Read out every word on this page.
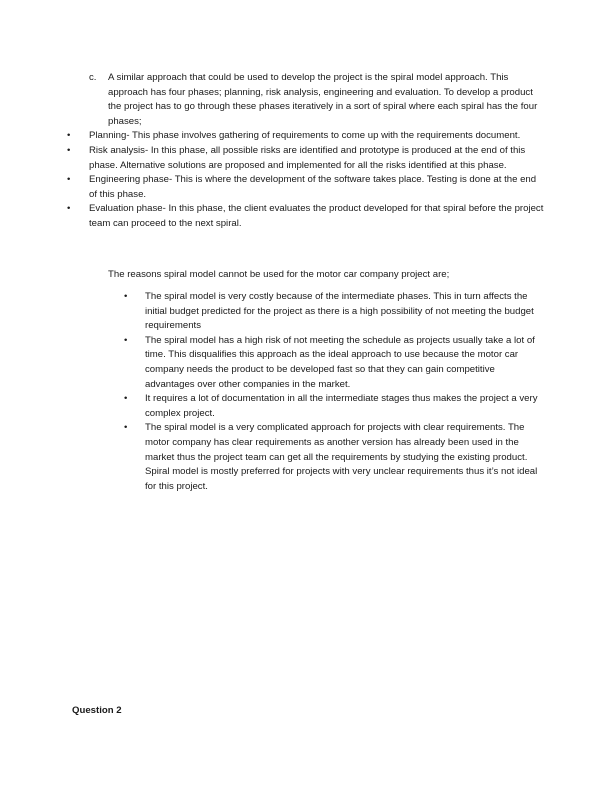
c.	A similar approach that could be used to develop the project is the spiral model approach. This approach has four phases; planning, risk analysis, engineering and evaluation. To develop a product the project has to go through these phases iteratively in a sort of spiral where each spiral has the four phases;
• Planning- This phase involves gathering of requirements to come up with the requirements document.
• Risk analysis- In this phase, all possible risks are identified and prototype is produced at the end of this phase. Alternative solutions are proposed and implemented for all the risks identified at this phase.
• Engineering phase- This is where the development of the software takes place. Testing is done at the end of this phase.
• Evaluation phase- In this phase, the client evaluates the product developed for that spiral before the project team can proceed to the next spiral.
The reasons spiral model cannot be used for the motor car company project are;
• The spiral model is very costly because of the intermediate phases. This in turn affects the initial budget predicted for the project as there is a high possibility of not meeting the budget requirements
• The spiral model has a high risk of not meeting the schedule as projects usually take a lot of time. This disqualifies this approach as the ideal approach to use because the motor car company needs the product to be developed fast so that they can gain competitive advantages over other companies in the market.
• It requires a lot of documentation in all the intermediate stages thus makes the project a very complex project.
• The spiral model is a very complicated approach for projects with clear requirements. The motor company has clear requirements as another version has already been used in the market thus the project team can get all the requirements by studying the existing product. Spiral model is mostly preferred for projects with very unclear requirements thus it’s not ideal for this project.
Question 2
